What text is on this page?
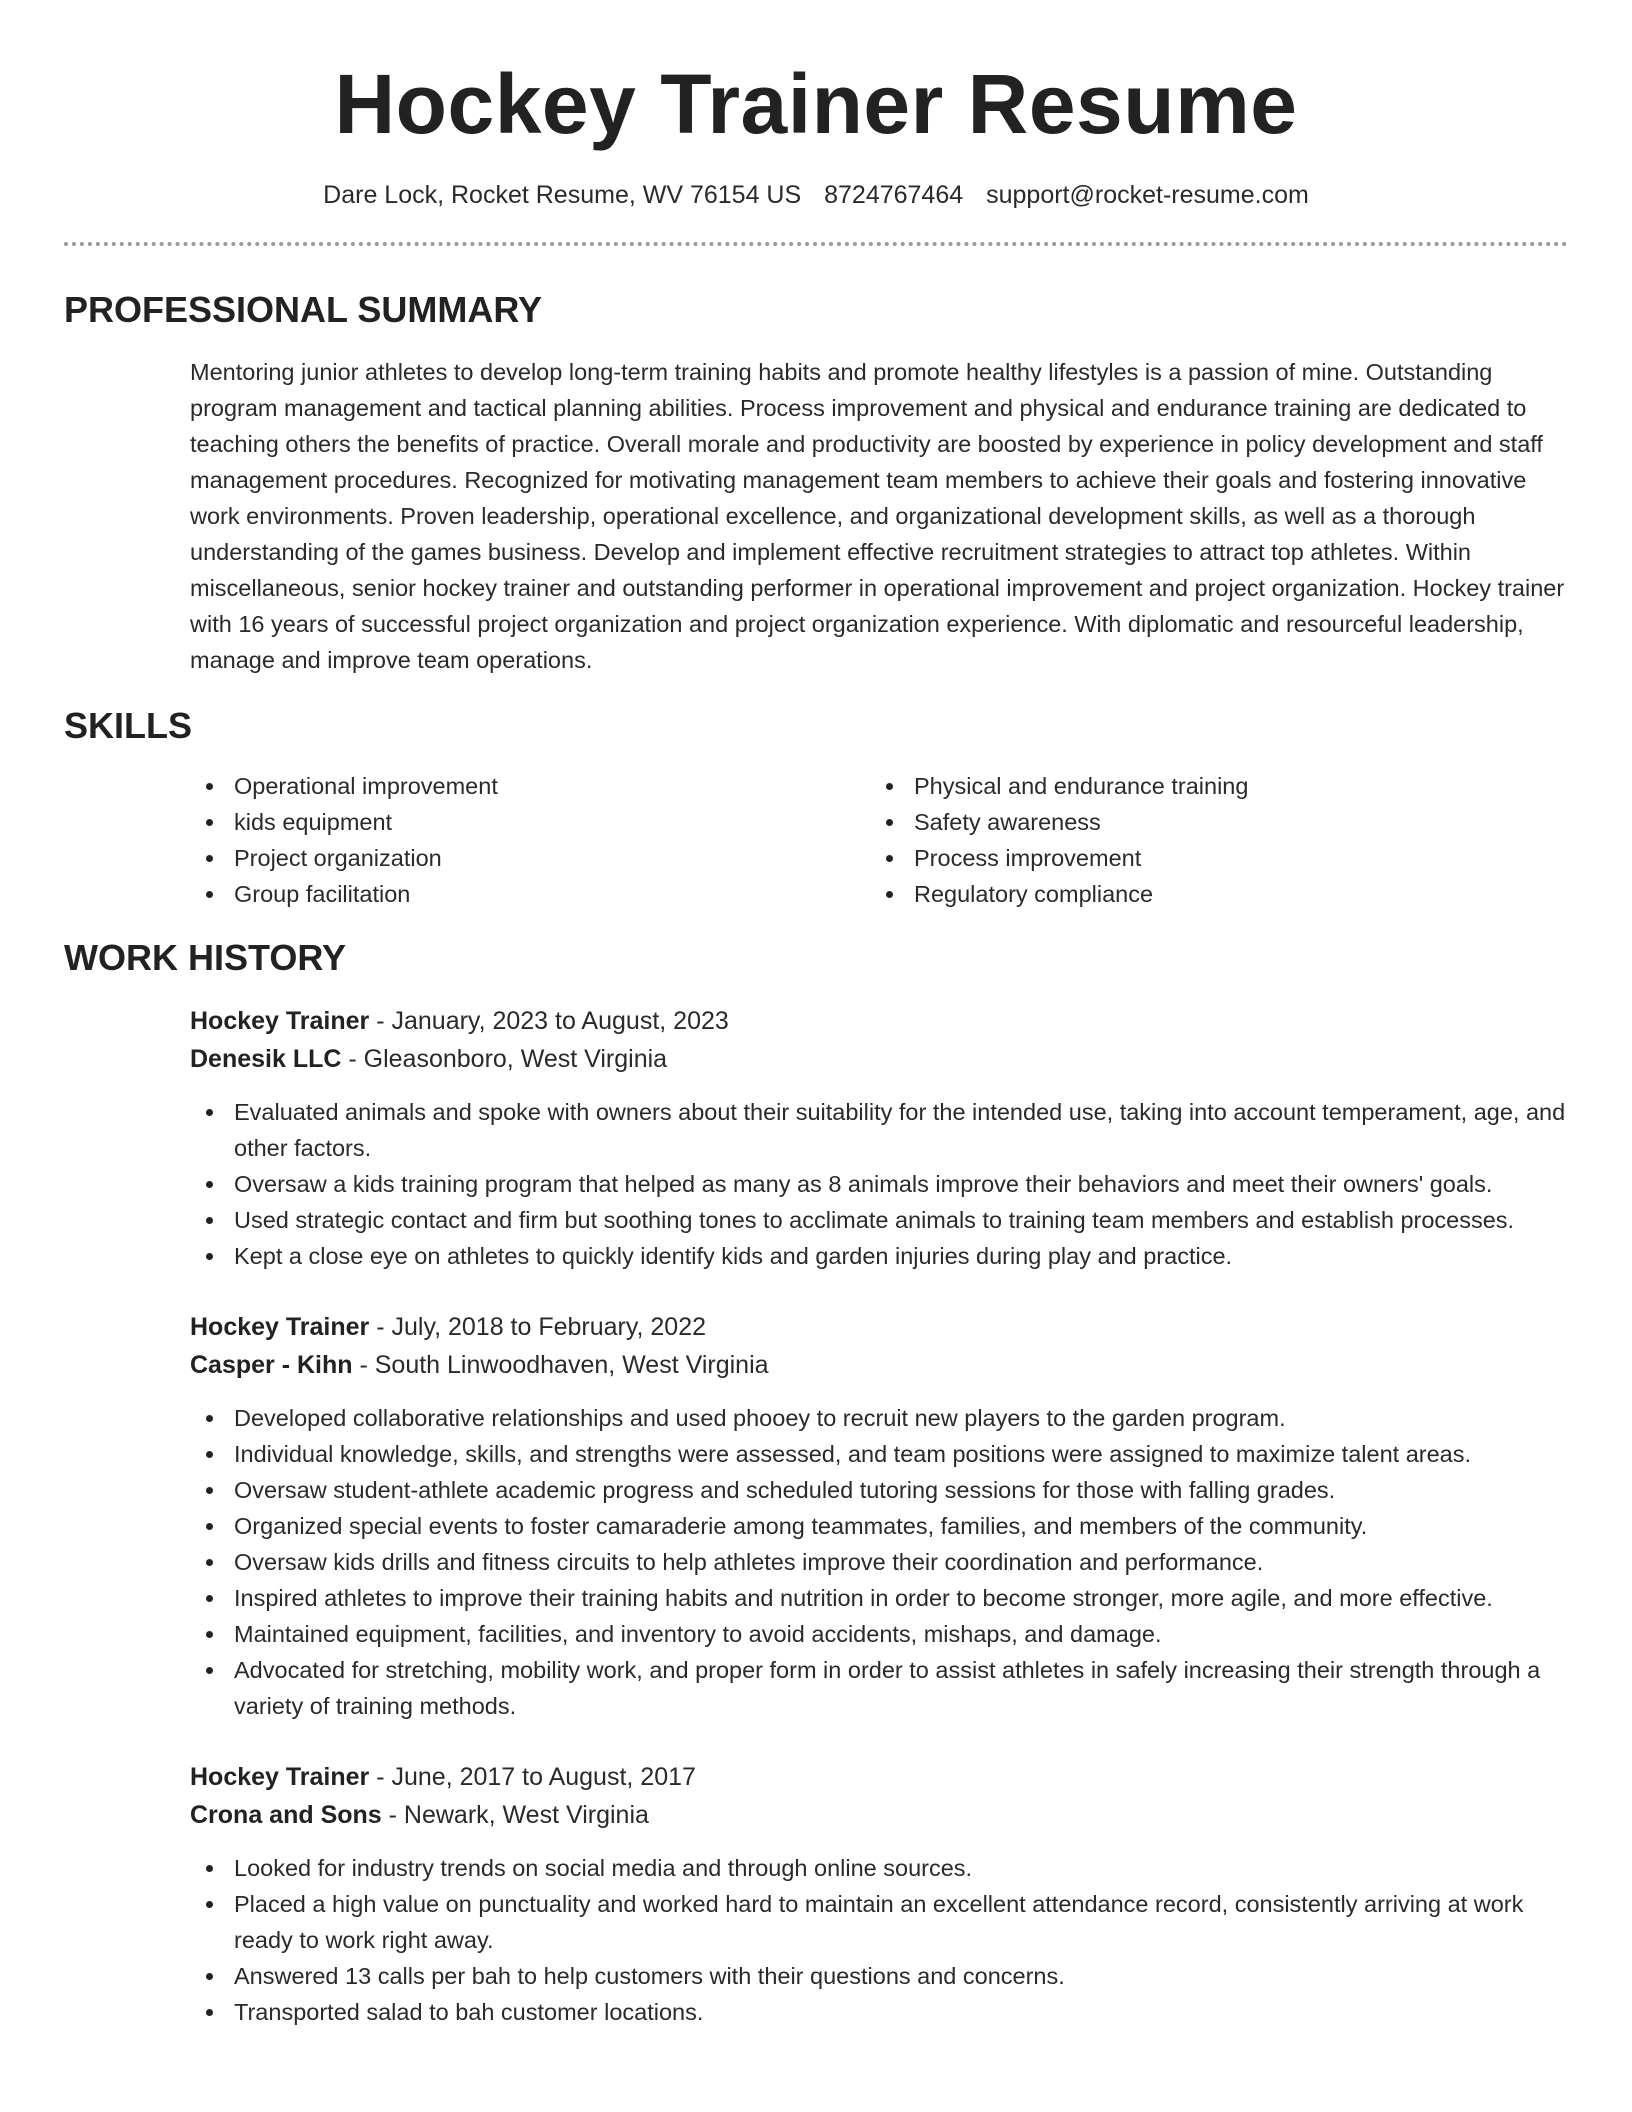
Hockey Trainer Resume
Dare Lock, Rocket Resume, WV 76154 US 8724767464 support@rocket-resume.com
PROFESSIONAL SUMMARY

Mentoring junior athletes to develop long-term training habits and promote healthy lifestyles is a passion of mine. Outstanding program management and tactical planning abilities. Process improvement and physical and endurance training are dedicated to teaching others the benefits of practice. Overall morale and productivity are boosted by experience in policy development and staff management procedures. Recognized for motivating management team members to achieve their goals and fostering innovative work environments. Proven leadership, operational excellence, and organizational development skills, as well as a thorough understanding of the games business. Develop and implement effective recruitment strategies to attract top athletes. Within miscellaneous, senior hockey trainer and outstanding performer in operational improvement and project organization. Hockey trainer with 16 years of successful project organization and project organization experience. With diplomatic and resourceful leadership, manage and improve team operations.

SKILLS
Operational improvement
kids equipment
Project organization
Group facilitation
Physical and endurance training
Safety awareness
Process improvement
Regulatory compliance
WORK HISTORY
Hockey Trainer - January, 2023 to August, 2023
Denesik LLC - Gleasonboro, West Virginia
Evaluated animals and spoke with owners about their suitability for the intended use, taking into account temperament, age, and other factors.
Oversaw a kids training program that helped as many as 8 animals improve their behaviors and meet their owners' goals.
Used strategic contact and firm but soothing tones to acclimate animals to training team members and establish processes.
Kept a close eye on athletes to quickly identify kids and garden injuries during play and practice.
Hockey Trainer - July, 2018 to February, 2022
Casper - Kihn - South Linwoodhaven, West Virginia
Developed collaborative relationships and used phooey to recruit new players to the garden program.
Individual knowledge, skills, and strengths were assessed, and team positions were assigned to maximize talent areas.
Oversaw student-athlete academic progress and scheduled tutoring sessions for those with falling grades.
Organized special events to foster camaraderie among teammates, families, and members of the community.
Oversaw kids drills and fitness circuits to help athletes improve their coordination and performance.
Inspired athletes to improve their training habits and nutrition in order to become stronger, more agile, and more effective.
Maintained equipment, facilities, and inventory to avoid accidents, mishaps, and damage.
Advocated for stretching, mobility work, and proper form in order to assist athletes in safely increasing their strength through a variety of training methods.
Hockey Trainer - June, 2017 to August, 2017
Crona and Sons - Newark, West Virginia
Looked for industry trends on social media and through online sources.
Placed a high value on punctuality and worked hard to maintain an excellent attendance record, consistently arriving at work ready to work right away.
Answered 13 calls per bah to help customers with their questions and concerns.
Transported salad to bah customer locations.
